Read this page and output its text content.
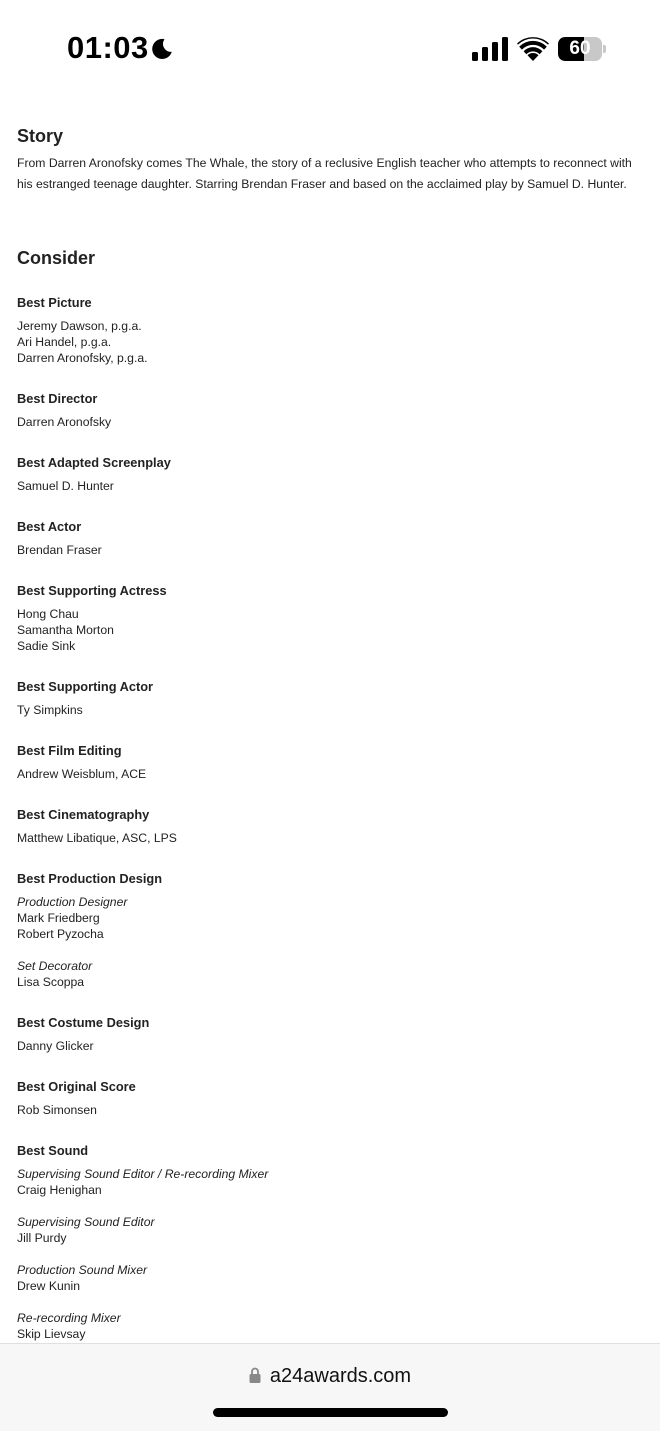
01:03	60
Story

From Darren Aronofsky comes The Whale, the story of a reclusive English teacher who attempts to reconnect with his estranged teenage daughter. Starring Brendan Fraser and based on the acclaimed play by Samuel D. Hunter.

Consider
Best Picture
Jeremy Dawson, p.g.a.
Ari Handel, p.g.a.
Darren Aronofsky, p.g.a.
Best Director
Darren Aronofsky
Best Adapted Screenplay
Samuel D. Hunter
Best Actor
Brendan Fraser
Best Supporting Actress
Hong Chau
Samantha Morton
Sadie Sink
Best Supporting Actor
Ty Simpkins
Best Film Editing
Andrew Weisblum, ACE
Best Cinematography
Matthew Libatique, ASC, LPS
Best Production Design
Production Designer
Mark Friedberg
Robert Pyzocha
Set Decorator
Lisa Scoppa
Best Costume Design
Danny Glicker
Best Original Score
Rob Simonsen
Best Sound
Supervising Sound Editor / Re-recording Mixer
Craig Henighan
Supervising Sound Editor
Jill Purdy
Production Sound Mixer
Drew Kunin
Re-recording Mixer
Skip Lievsay
a24awards.com
